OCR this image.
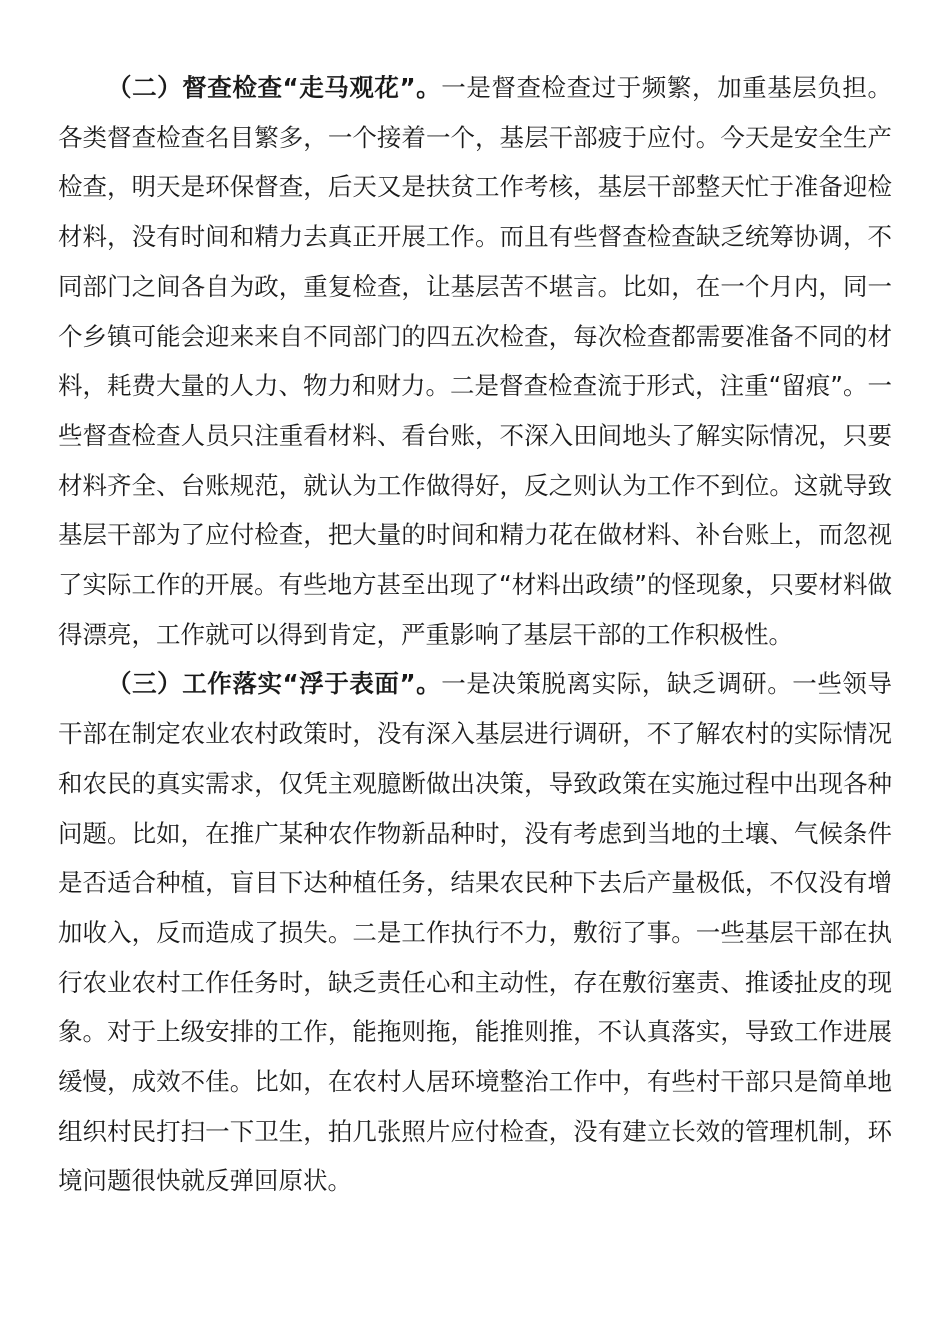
（二）督查检查“走马观花”。一是督查检查过于频繁，加重基层负担。各类督查检查名目繁多，一个接着一个，基层干部疲于应付。今天是安全生产检查，明天是环保督查，后天又是扶贫工作考核，基层干部整天忙于准备迎检材料，没有时间和精力去真正开展工作。而且有些督查检查缺乏统筹协调，不同部门之间各自为政，重复检查，让基层苦不堪言。比如，在一个月内，同一个乡镇可能会迎来来自不同部门的四五次检查，每次检查都需要准备不同的材料，耗费大量的人力、物力和财力。二是督查检查流于形式，注重“留痕”。一些督查检查人员只注重看材料、看台账，不深入田间地头了解实际情况，只要材料齐全、台账规范，就认为工作做得好，反之则认为工作不到位。这就导致基层干部为了应付检查，把大量的时间和精力花在做材料、补台账上，而忽视了实际工作的开展。有些地方甚至出现了“材料出政绩”的怪现象，只要材料做得漂亮，工作就可以得到肯定，严重影响了基层干部的工作积极性。

（三）工作落实“浮于表面”。一是决策脱离实际，缺乏调研。一些领导干部在制定农业农村政策时，没有深入基层进行调研，不了解农村的实际情况和农民的真实需求，仅凭主观臆断做出决策，导致政策在实施过程中出现各种问题。比如，在推广某种农作物新品种时，没有考虑到当地的土壤、气候条件是否适合种植，盲目下达种植任务，结果农民种下去后产量极低，不仅没有增加收入，反而造成了损失。二是工作执行不力，敷衍了事。一些基层干部在执行农业农村工作任务时，缺乏责任心和主动性，存在敷衍塞责、推诿扯皮的现象。对于上级安排的工作，能拖则拖，能推则推，不认真落实，导致工作进展缓慢，成效不佳。比如，在农村人居环境整治工作中，有些村干部只是简单地组织村民打扫一下卫生，拍几张照片应付检查，没有建立长效的管理机制，环境问题很快就反弹回原状。
